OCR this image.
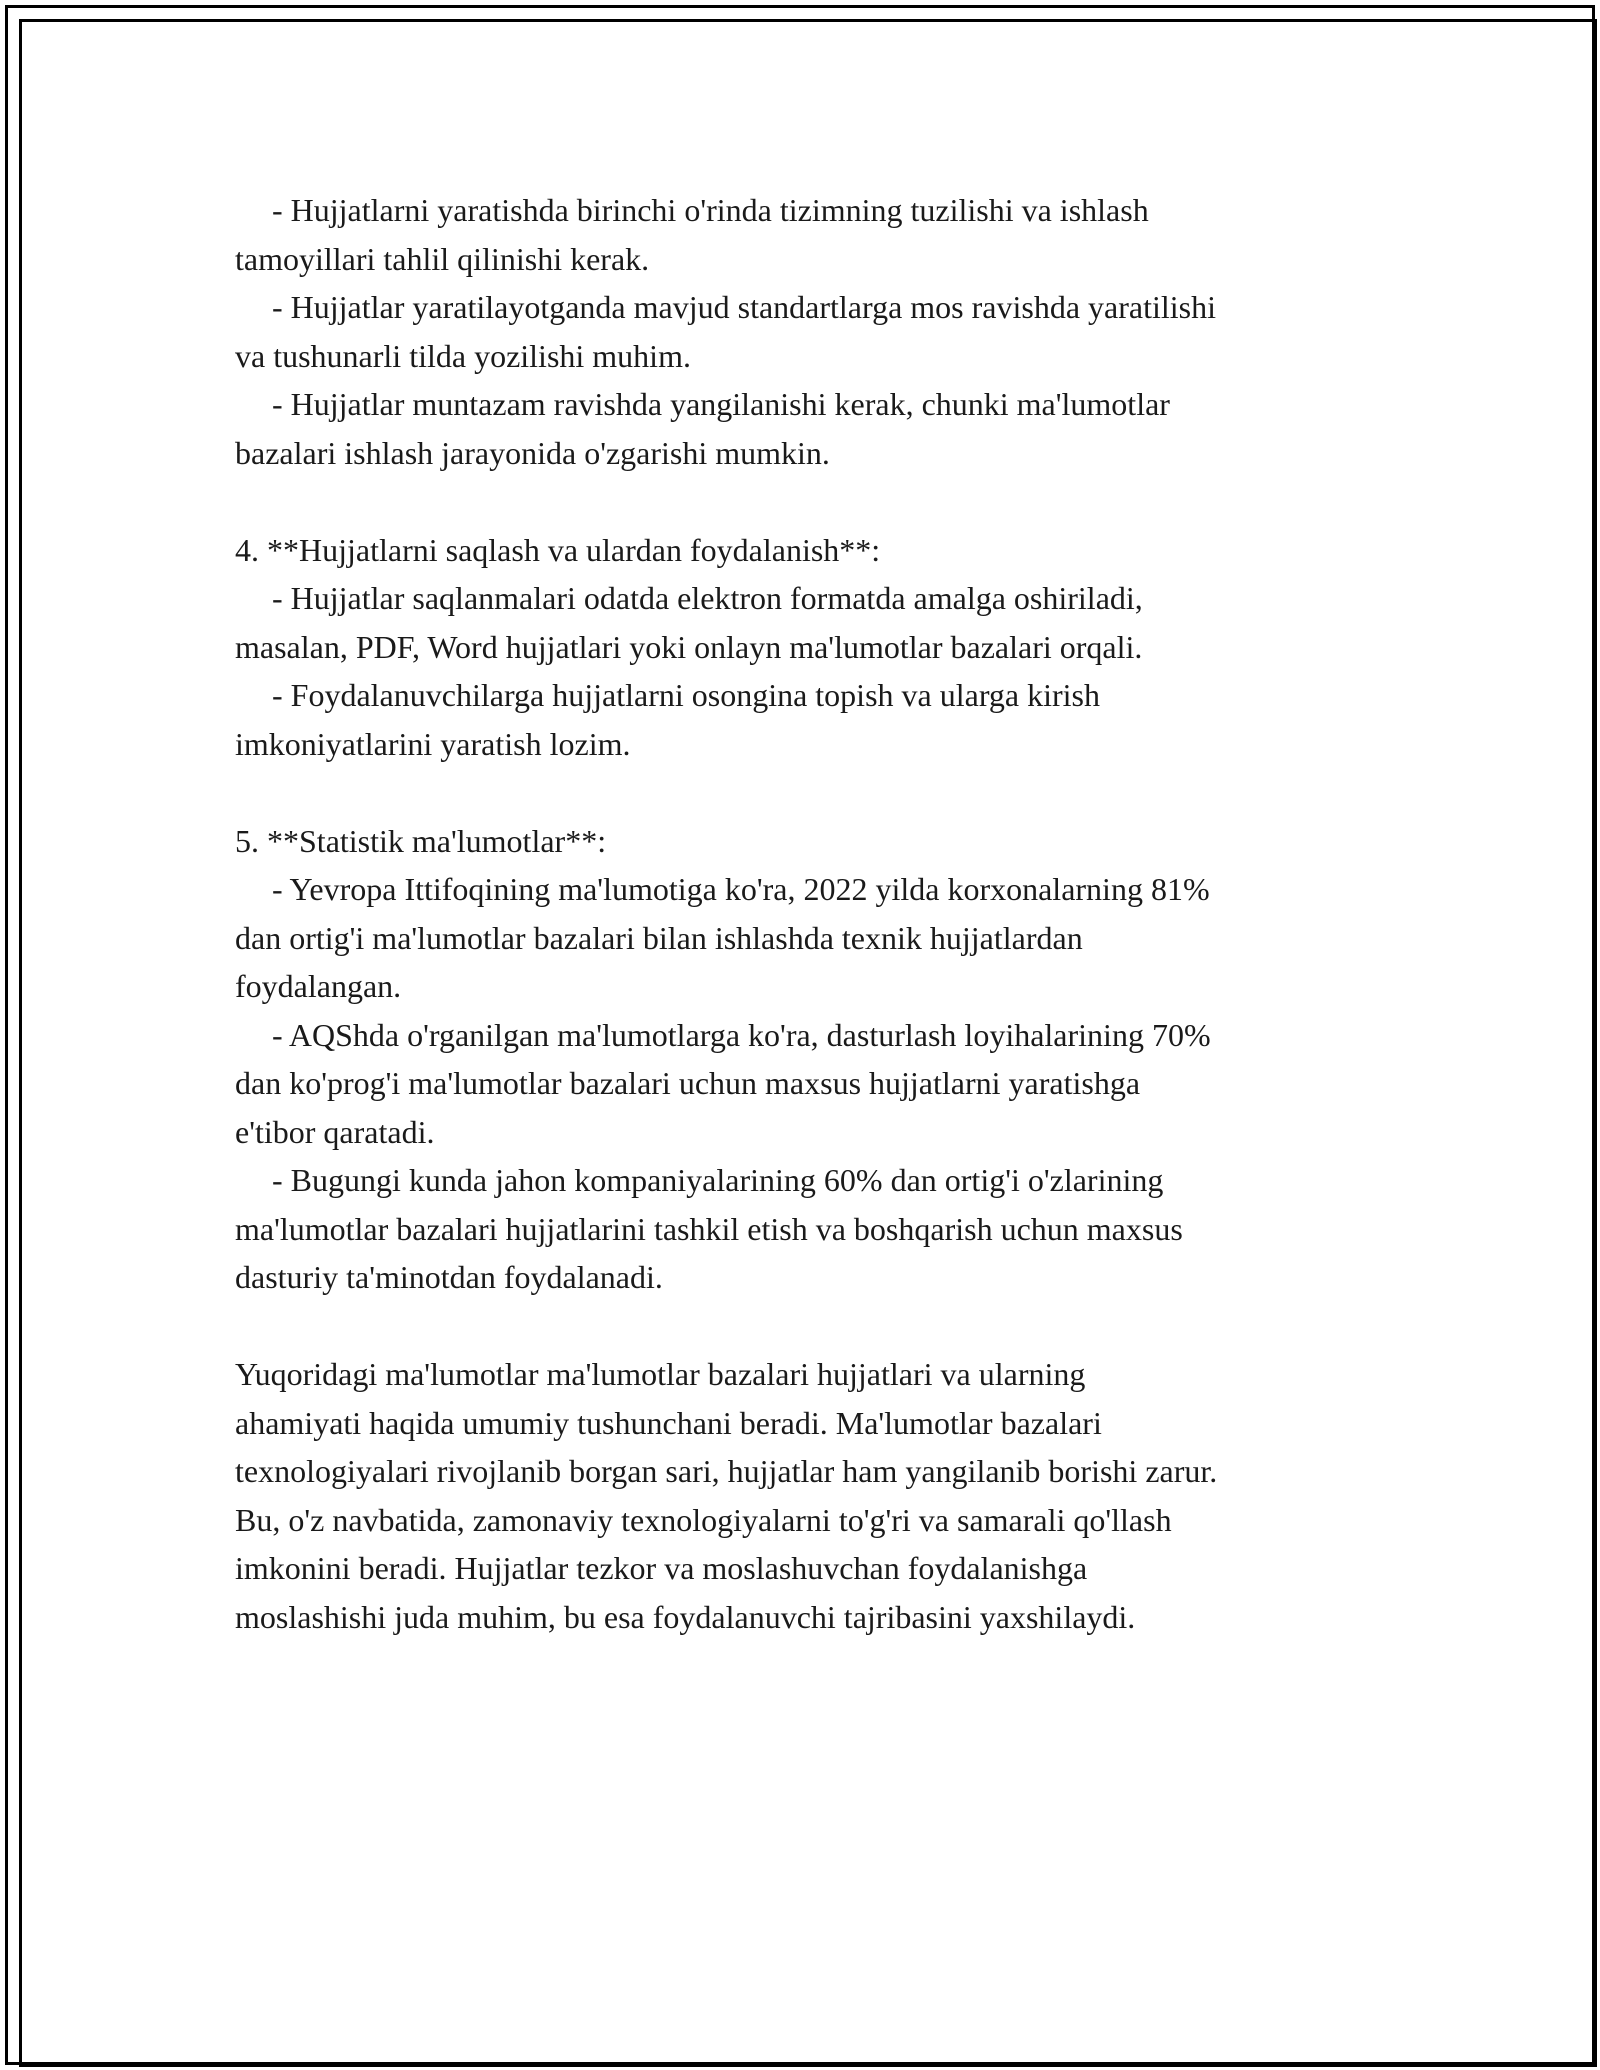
- Hujjatlarni yaratishda birinchi o'rinda tizimning tuzilishi va ishlash
tamoyillari tahlil qilinishi kerak.
- Hujjatlar yaratilayotganda mavjud standartlarga mos ravishda yaratilishi
va tushunarli tilda yozilishi muhim.
- Hujjatlar muntazam ravishda yangilanishi kerak, chunki ma'lumotlar
bazalari ishlash jarayonida o'zgarishi mumkin.
4. **Hujjatlarni saqlash va ulardan foydalanish**:
- Hujjatlar saqlanmalari odatda elektron formatda amalga oshiriladi,
masalan, PDF, Word hujjatlari yoki onlayn ma'lumotlar bazalari orqali.
- Foydalanuvchilarga hujjatlarni osongina topish va ularga kirish
imkoniyatlarini yaratish lozim.
5. **Statistik ma'lumotlar**:
- Yevropa Ittifoqining ma'lumotiga ko'ra, 2022 yilda korxonalarning 81%
dan ortig'i ma'lumotlar bazalari bilan ishlashda texnik hujjatlardan
foydalangan.
- AQShda o'rganilgan ma'lumotlarga ko'ra, dasturlash loyihalarining 70%
dan ko'prog'i ma'lumotlar bazalari uchun maxsus hujjatlarni yaratishga
e'tibor qaratadi.
- Bugungi kunda jahon kompaniyalarining 60% dan ortig'i o'zlarining
ma'lumotlar bazalari hujjatlarini tashkil etish va boshqarish uchun maxsus
dasturiy ta'minotdan foydalanadi.
Yuqoridagi ma'lumotlar ma'lumotlar bazalari hujjatlari va ularning
ahamiyati haqida umumiy tushunchani beradi. Ma'lumotlar bazalari
texnologiyalari rivojlanib borgan sari, hujjatlar ham yangilanib borishi zarur.
Bu, o'z navbatida, zamonaviy texnologiyalarni to'g'ri va samarali qo'llash
imkonini beradi. Hujjatlar tezkor va moslashuvchan foydalanishga
moslashishi juda muhim, bu esa foydalanuvchi tajribasini yaxshilaydi.
